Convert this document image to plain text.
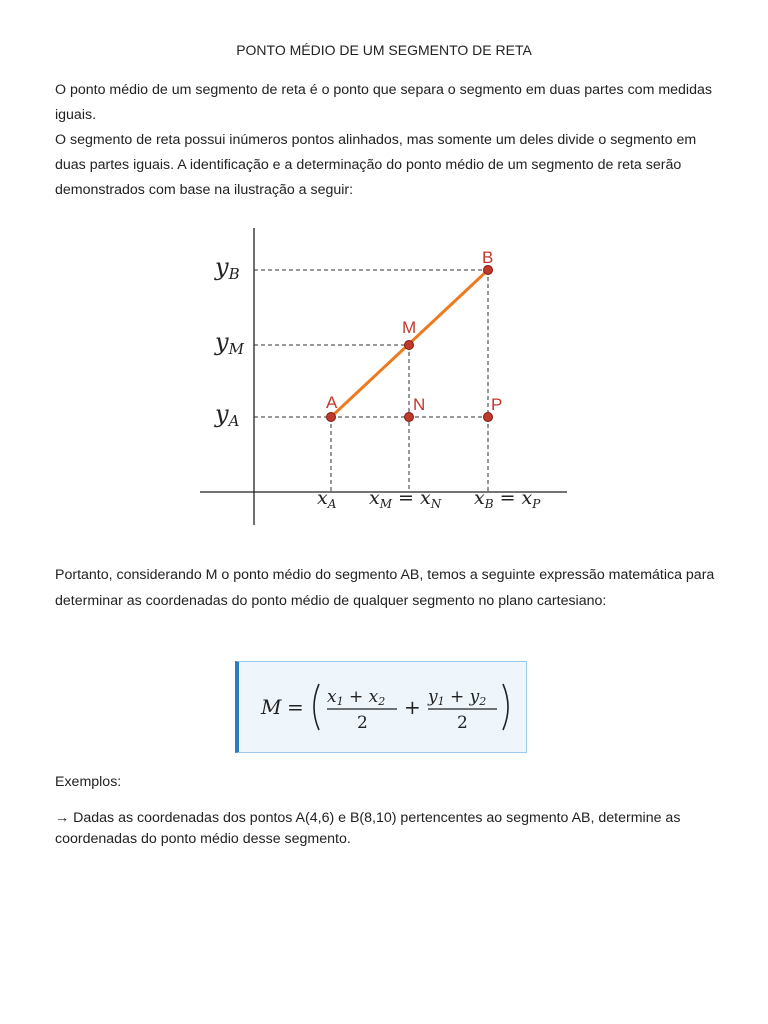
PONTO MÉDIO DE UM SEGMENTO DE RETA
O ponto médio de um segmento de reta é o ponto que separa o segmento em duas partes com medidas iguais.
O segmento de reta possui inúmeros pontos alinhados, mas somente um deles divide o segmento em duas partes iguais. A identificação e a determinação do ponto médio de um segmento de reta serão demonstrados com base na ilustração a seguir:
B
M
A	N	P
yB
yM
yA
$x_A$ $x_M = x_N$ $x_B = x_P$
Portanto, considerando M o ponto médio do segmento AB, temos a seguinte expressão matemática para determinar as coordenadas do ponto médio de qualquer segmento no plano cartesiano:
M = x1 + x2
2
+ y1 + y2
2
Exemplos:
→ Dadas as coordenadas dos pontos A(4,6) e B(8,10) pertencentes ao segmento AB, determine as coordenadas do ponto médio desse segmento.
